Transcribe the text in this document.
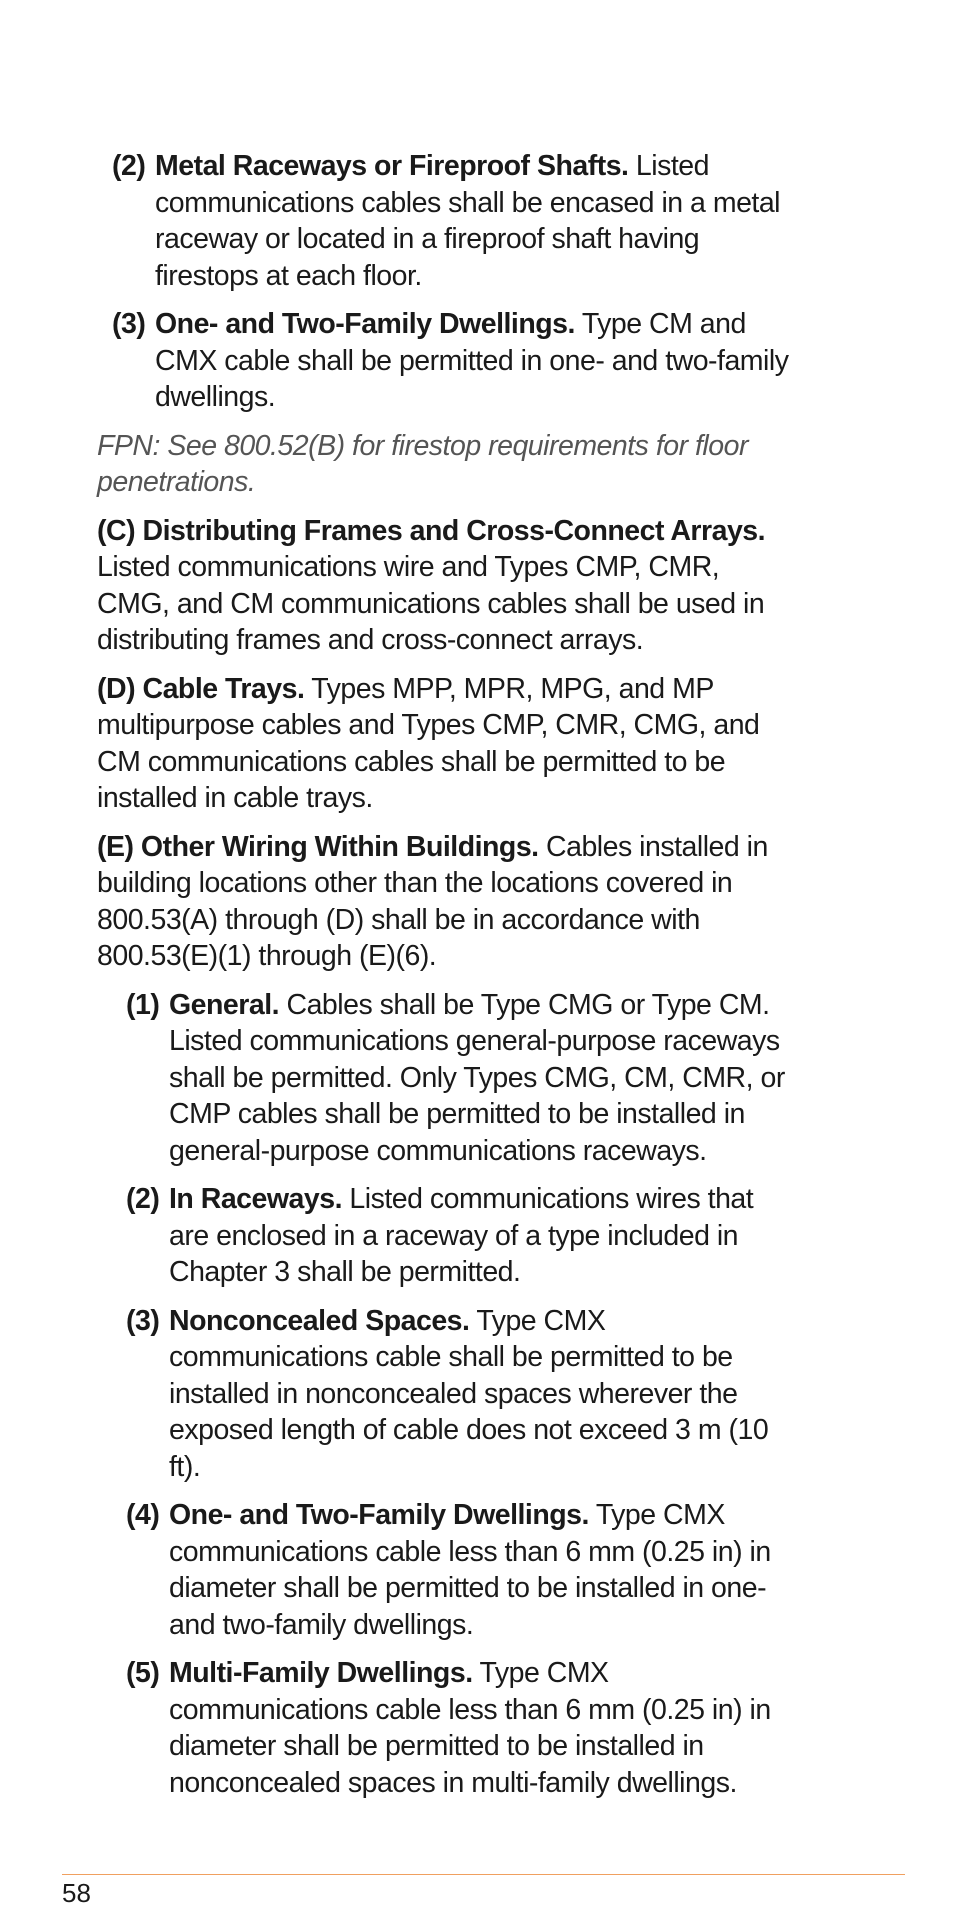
(2) Metal Raceways or Fireproof Shafts. Listed communications cables shall be encased in a metal raceway or located in a fireproof shaft having firestops at each floor.
(3) One- and Two-Family Dwellings. Type CM and CMX cable shall be permitted in one- and two-family dwellings.
FPN: See 800.52(B) for firestop requirements for floor penetrations.
(C) Distributing Frames and Cross-Connect Arrays. Listed communications wire and Types CMP, CMR, CMG, and CM communications cables shall be used in distributing frames and cross-connect arrays.
(D) Cable Trays. Types MPP, MPR, MPG, and MP multipurpose cables and Types CMP, CMR, CMG, and CM communications cables shall be permitted to be installed in cable trays.
(E) Other Wiring Within Buildings. Cables installed in building locations other than the locations covered in 800.53(A) through (D) shall be in accordance with 800.53(E)(1) through (E)(6).
(1) General. Cables shall be Type CMG or Type CM. Listed communications general-purpose raceways shall be permitted. Only Types CMG, CM, CMR, or CMP cables shall be permitted to be installed in general-purpose communications raceways.
(2) In Raceways. Listed communications wires that are enclosed in a raceway of a type included in Chapter 3 shall be permitted.
(3) Nonconcealed Spaces. Type CMX communications cable shall be permitted to be installed in nonconcealed spaces wherever the exposed length of cable does not exceed 3 m (10 ft).
(4) One- and Two-Family Dwellings. Type CMX communications cable less than 6 mm (0.25 in) in diameter shall be permitted to be installed in one- and two-family dwellings.
(5) Multi-Family Dwellings. Type CMX communications cable less than 6 mm (0.25 in) in diameter shall be permitted to be installed in nonconcealed spaces in multi-family dwellings.
58
